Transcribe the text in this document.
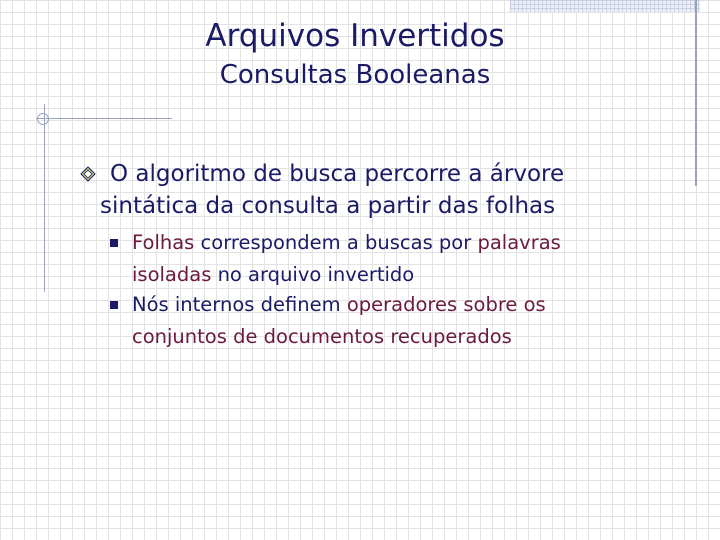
Arquivos Invertidos
Consultas Booleanas
O algoritmo de busca percorre a árvore
sintática da consulta a partir das folhas
Folhas correspondem a buscas por palavras
isoladas no arquivo invertido
Nós internos definem operadores sobre os
conjuntos de documentos recuperados
